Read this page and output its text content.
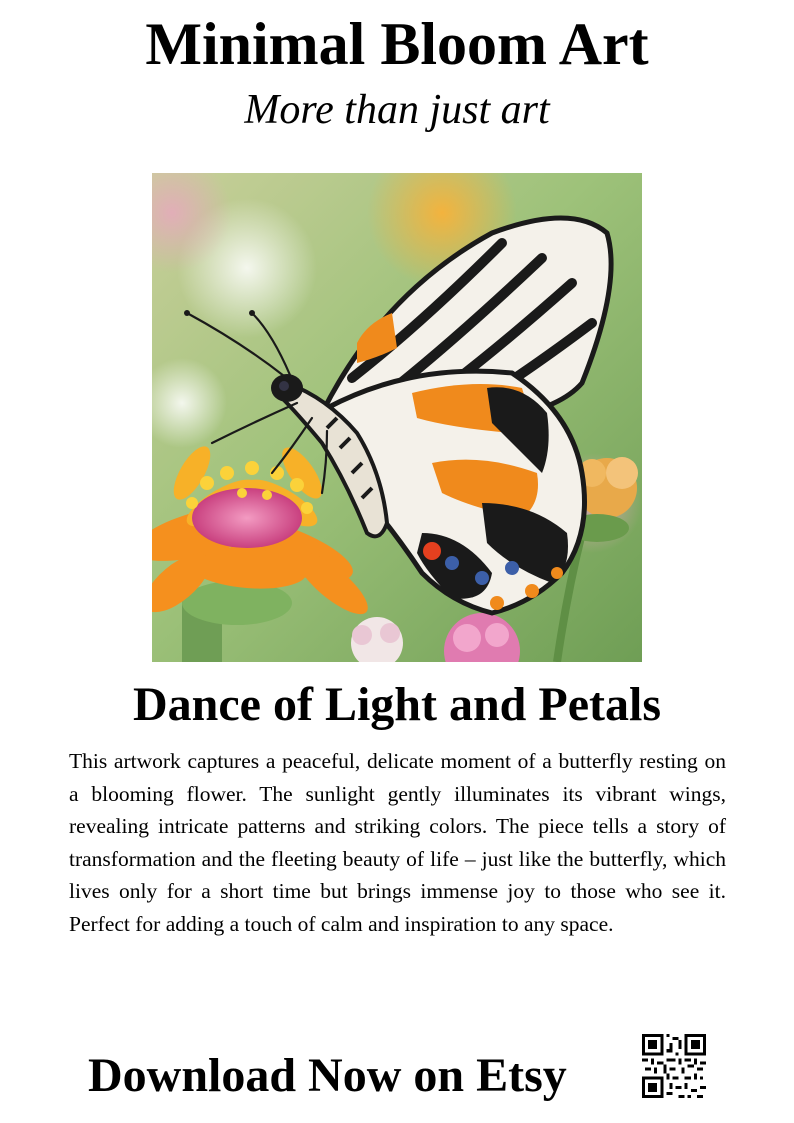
Minimal Bloom Art
More than just art
Dance of Light and Petals

This artwork captures a peaceful, delicate moment of a butterfly resting on a blooming flower. The sunlight gently illuminates its vibrant wings, revealing intricate patterns and striking colors. The piece tells a story of transformation and the fleeting beauty of life – just like the butterfly, which lives only for a short time but brings immense joy to those who see it. Perfect for adding a touch of calm and inspiration to any space.

Download Now on Etsy
